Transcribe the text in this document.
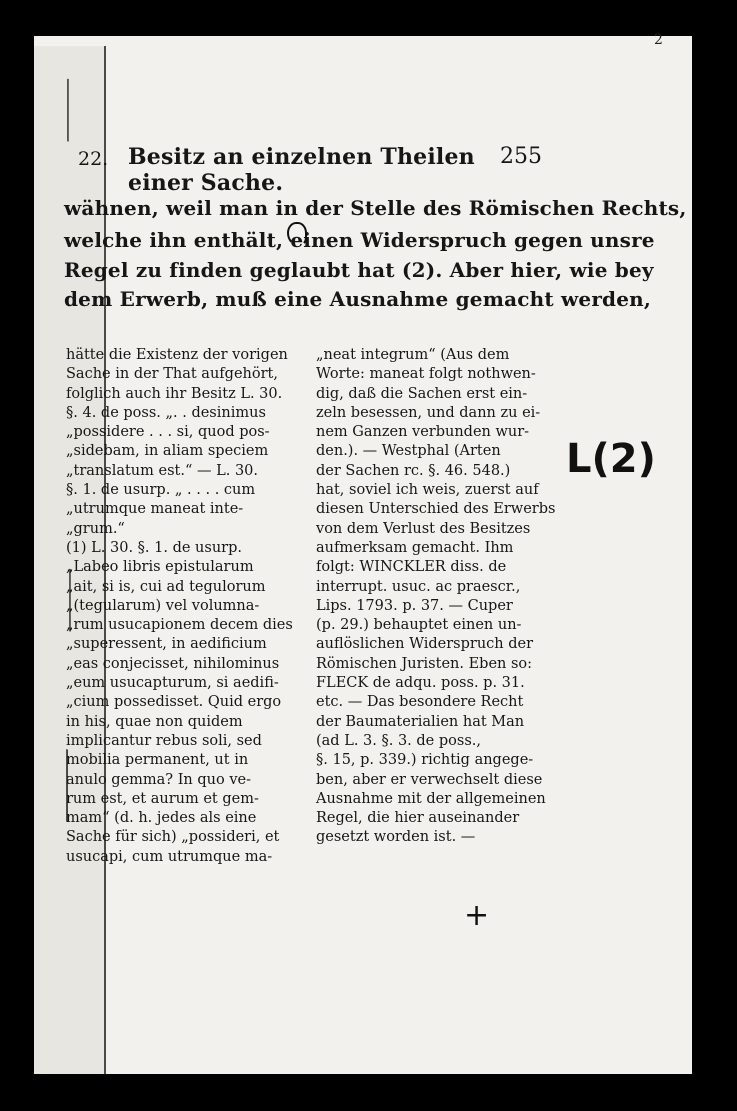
⸻
⸻
⸻
2
22. Besitz an einzelnen Theilen einer Sache.
255
wähnen, weil man in der Stelle des Römischen Rechts,
welche ihn enthält, einen Widerspruch gegen unsre
Regel zu finden geglaubt hat (2). Aber hier, wie bey
dem Erwerb, muß eine Ausnahme gemacht werden,
hätte die Existenz der vorigen
Sache in der That aufgehört,
folglich auch ihr Besitz L. 30.
§. 4. de poss. „. . desinimus
„possidere . . . si, quod pos-
„sidebam, in aliam speciem
„translatum est.“ — L. 30.
§. 1. de usurp. „ . . . . cum
„utrumque maneat inte-
„grum.“
(1) L. 30. §. 1. de usurp.
„Labeo libris epistularum
„ait, si is, cui ad tegulorum
„(tegularum) vel volumna-
„rum usucapionem decem dies
„superessent, in aedificium
„eas conjecisset, nihilominus
„eum usucapturum, si aedifi-
„cium possedisset. Quid ergo
in his, quae non quidem
implicantur rebus soli, sed
mobilia permanent, ut in
anulo gemma? In quo ve-
rum est, et aurum et gem-
mam“ (d. h. jedes als eine
Sache für sich) „possideri, et
usucapi, cum utrumque ma-
„neat integrum“ (Aus dem
Worte: maneat folgt nothwen-
dig, daß die Sachen erst ein-
zeln besessen, und dann zu ei-
nem Ganzen verbunden wur-
den.). — Westphal (Arten
der Sachen rc. §. 46. 548.)
hat, soviel ich weis, zuerst auf
diesen Unterschied des Erwerbs
von dem Verlust des Besitzes
aufmerksam gemacht. Ihm
folgt: WINCKLER diss. de
interrupt. usuc. ac praescr.,
Lips. 1793. p. 37. — Cuper
(p. 29.) behauptet einen un-
auflöslichen Widerspruch der
Römischen Juristen. Eben so:
FLECK de adqu. poss. p. 31.
etc. — Das besondere Recht
der Baumaterialien hat Man
(ad L. 3. §. 3. de poss.,
§. 15, p. 339.) richtig angege-
ben, aber er verwechselt diese
Ausnahme mit der allgemeinen
Regel, die hier auseinander
gesetzt worden ist. —
L(2)
+
